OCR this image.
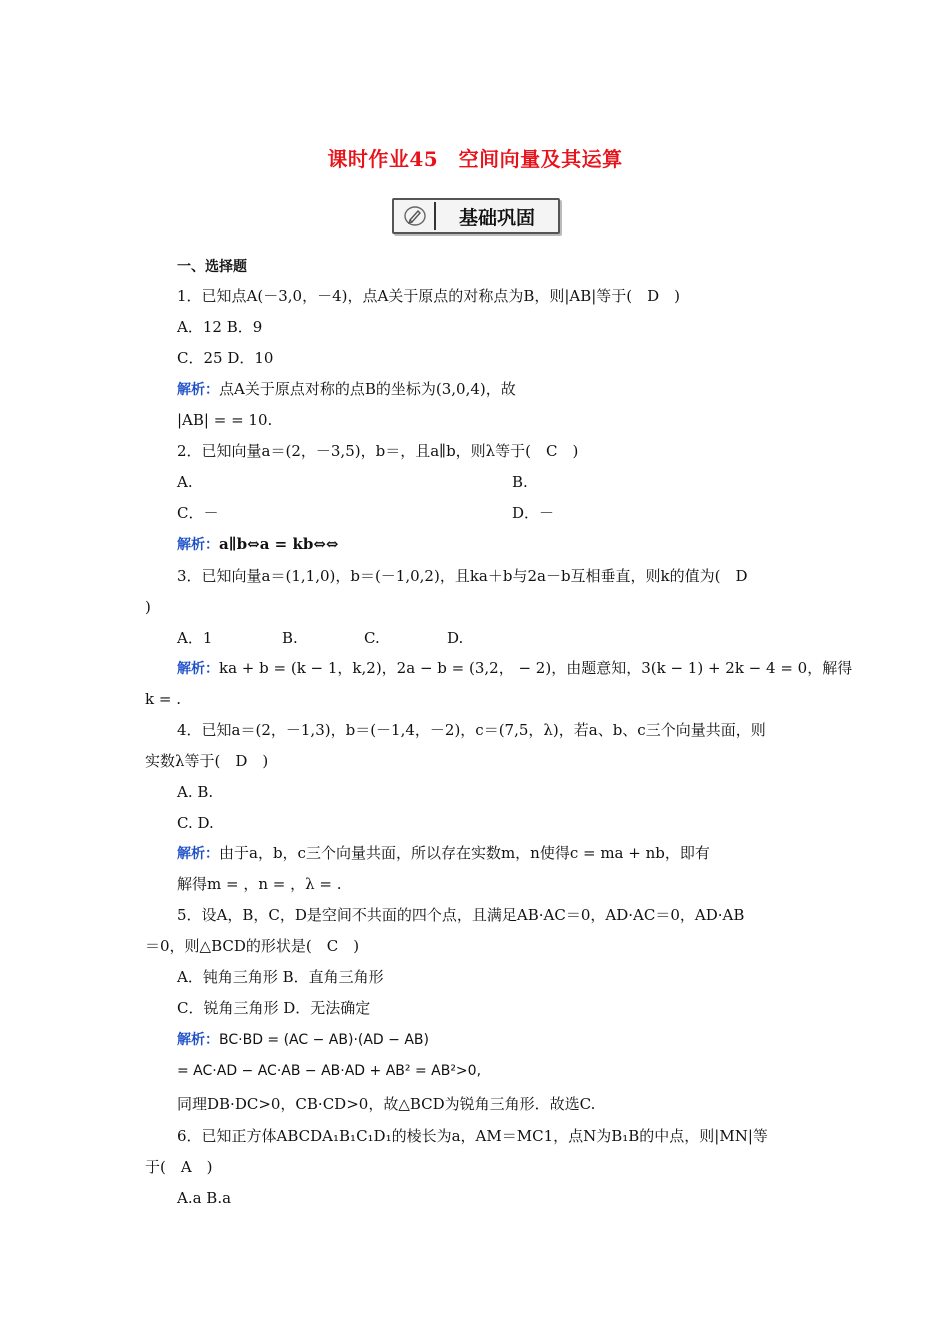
课时作业45　空间向量及其运算
基础巩固
一、选择题
1．已知点A(－3,0，－4)，点A关于原点的对称点为B，则|AB|等于(　D　)
A．12 B．9
C．25 D．10
解析：点A关于原点对称的点B的坐标为(3,0,4)，故
|AB| = = 10.
2．已知向量a＝(2，－3,5)，b＝，且a∥b，则λ等于(　C　)
A.	B.
C．－	D．－
解析：a∥b⇔a = kb⇔⇔
3．已知向量a＝(1,1,0)，b＝(－1,0,2)，且ka＋b与2a－b互相垂直，则k的值为(　D
)
A．1	B.	C.	D.
解析：ka + b = (k − 1，k,2)，2a − b = (3,2， − 2)，由题意知，3(k − 1) + 2k − 4 = 0，解得
k = .
4．已知a＝(2，－1,3)，b＝(－1,4，－2)，c＝(7,5，λ)，若a、b、c三个向量共面，则
实数λ等于(　D　)
A. B.
C. D.
解析：由于a，b，c三个向量共面，所以存在实数m，n使得c = ma + nb，即有
解得m = ，n = ，λ = .
5．设A，B，C，D是空间不共面的四个点，且满足AB·AC＝0，AD·AC＝0，AD·AB
＝0，则△BCD的形状是(　C　)
A．钝角三角形 B．直角三角形
C．锐角三角形 D．无法确定
解析：BC·BD = (AC − AB)·(AD − AB)
= AC·AD − AC·AB − AB·AD + AB² = AB²>0,
同理DB·DC>0，CB·CD>0，故△BCD为锐角三角形．故选C.
6．已知正方体ABCDA₁B₁C₁D₁的棱长为a，AM＝MC1，点N为B₁B的中点，则|MN|等
于(　A　)
A.a B.a
